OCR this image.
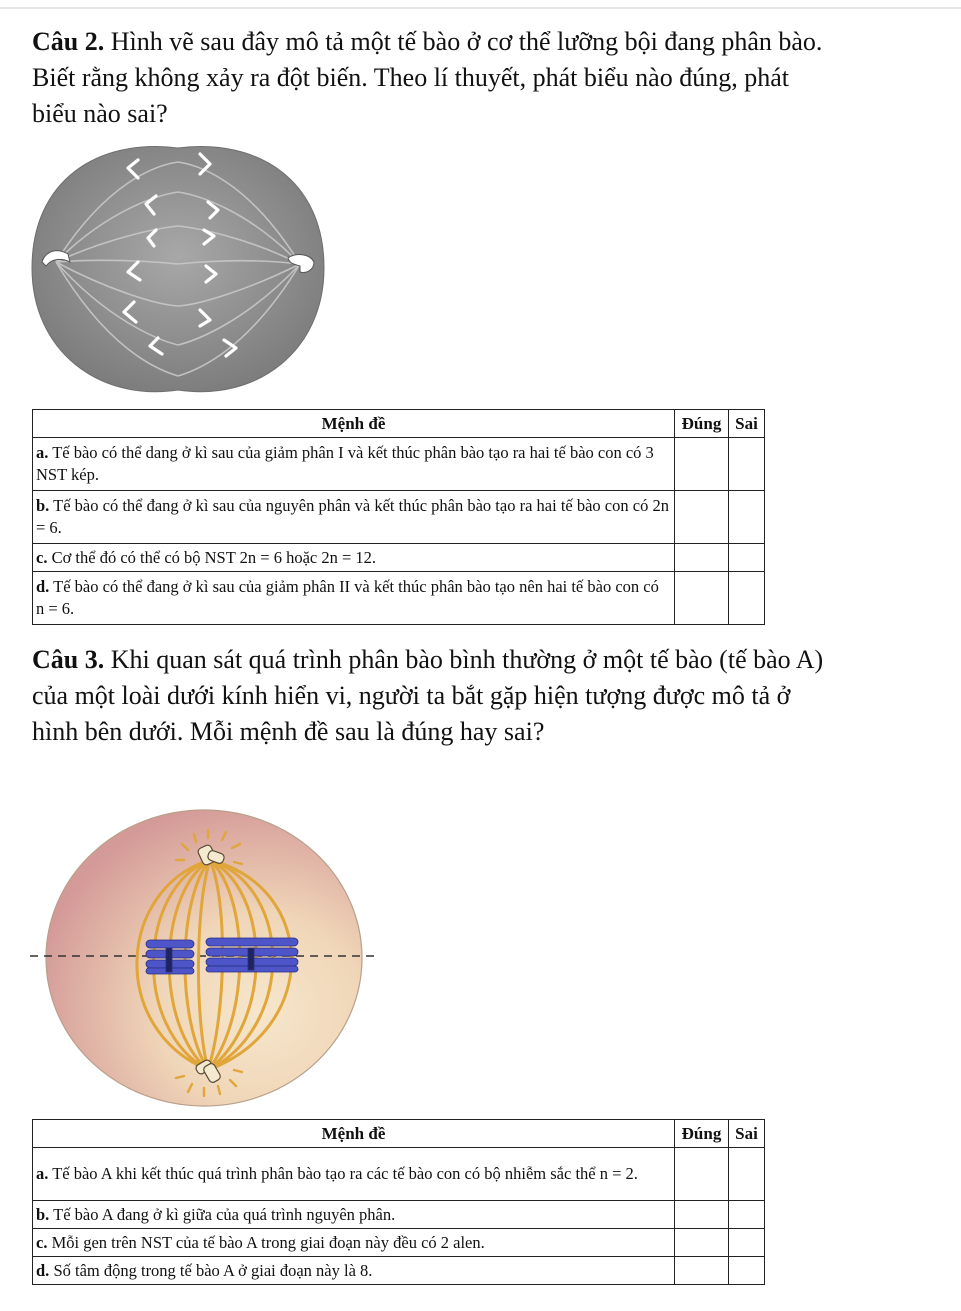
Câu 2. Hình vẽ sau đây mô tả một tế bào ở cơ thể lưỡng bội đang phân bào. Biết rằng không xảy ra đột biến. Theo lí thuyết, phát biểu nào đúng, phát biểu nào sai?

Mệnh đề	Đúng	Sai
a. Tế bào có thể dang ở kì sau của giảm phân I và kết thúc phân bào tạo ra hai tế bào con có 3 NST kép.		
b. Tế bào có thể đang ở kì sau của nguyên phân và kết thúc phân bào tạo ra hai tế bào con có 2n = 6.		
c. Cơ thể đó có thể có bộ NST 2n = 6 hoặc 2n = 12.		
d. Tế bào có thể đang ở kì sau của giảm phân II và kết thúc phân bào tạo nên hai tế bào con có n = 6.		

Câu 3. Khi quan sát quá trình phân bào bình thường ở một tế bào (tế bào A) của một loài dưới kính hiển vi, người ta bắt gặp hiện tượng được mô tả ở hình bên dưới. Mỗi mệnh đề sau là đúng hay sai?

Mệnh đề	Đúng	Sai
a. Tế bào A khi kết thúc quá trình phân bào tạo ra các tế bào con có bộ nhiễm sắc thể n = 2.		
b. Tế bào A đang ở kì giữa của quá trình nguyên phân.		
c. Mỗi gen trên NST của tế bào A trong giai đoạn này đều có 2 alen.		
d. Số tâm động trong tế bào A ở giai đoạn này là 8.		
